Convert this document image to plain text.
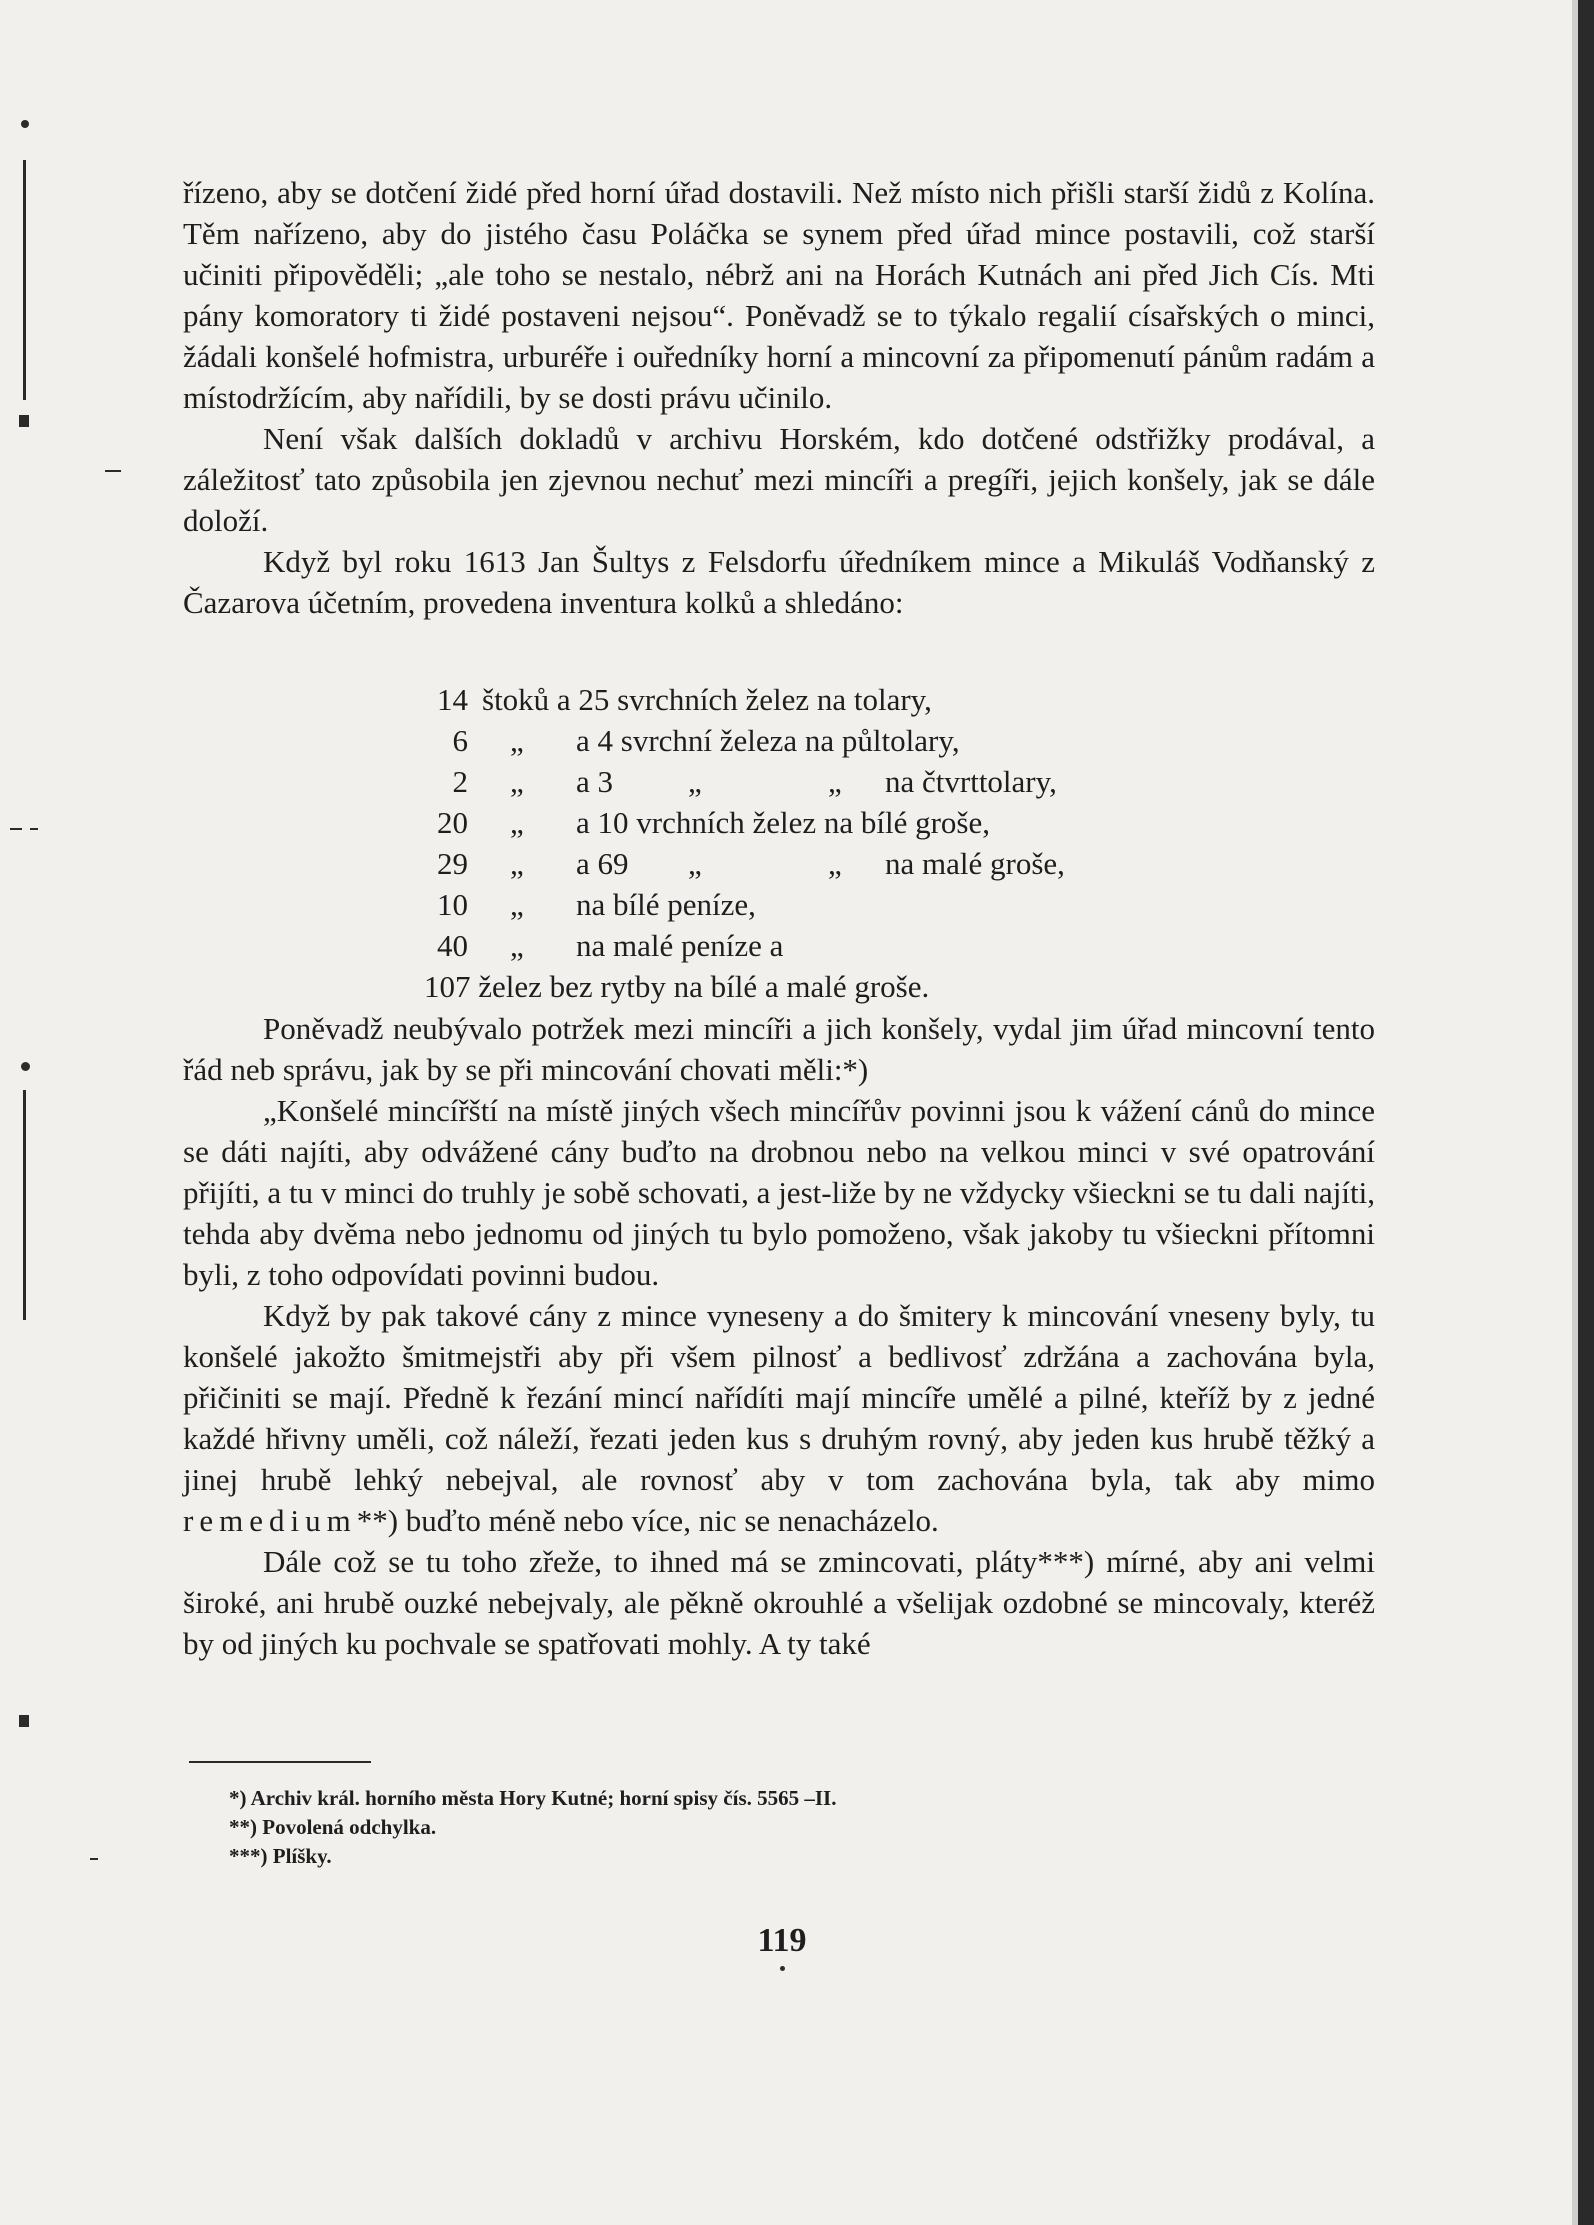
řízeno, aby se dotčení židé před horní úřad dostavili. Než místo nich přišli starší židů z Kolína. Těm nařízeno, aby do jistého času Poláčka se synem před úřad mince postavili, což starší učiniti připověděli; „ale toho se nestalo, nébrž ani na Horách Kutnách ani před Jich Cís. Mti pány komoratory ti židé postaveni nejsou“. Poněvadž se to týkalo regalií císařských o minci, žádali konšelé hofmistra, urburéře i ouředníky horní a mincovní za připomenutí pánům radám a místodržícím, aby nařídili, by se dosti právu učinilo.

Není však dalších dokladů v archivu Horském, kdo dotčené odstřižky prodával, a záležitosť tato způsobila jen zjevnou nechuť mezi mincíři a pregíři, jejich konšely, jak se dále doloží.

Když byl roku 1613 Jan Šultys z Felsdorfu úředníkem mince a Mikuláš Vodňanský z Čazarova účetním, provedena inventura kolků a shledáno:

14 štoků a 25 svrchních želez na tolary,
6 „ a 4 svrchní železa na půltolary,
2 „ a 3 „	„ na čtvrttolary,
20 „ a 10 vrchních želez na bílé groše,
29 „ a 69 „	„ na malé groše,
10 „ na bílé peníze,
40 „ na malé peníze a
107 želez bez rytby na bílé a malé groše.

Poněvadž neubývalo potržek mezi mincíři a jich konšely, vydal jim úřad mincovní tento řád neb správu, jak by se při mincování chovati měli:*)

„Konšelé mincířští na místě jiných všech mincířův povinni jsou k vážení cánů do mince se dáti najíti, aby odvážené cány buďto na drobnou nebo na velkou minci v své opatrování přijíti, a tu v minci do truhly je sobě schovati, a jest-liže by ne vždycky všiecknі se tu dali najíti, tehda aby dvěma nebo jednomu od jiných tu bylo pomoženo, však jakoby tu všiecknі přítomni byli, z toho odpovídati povinni budou.

Když by pak takové cány z mince vyneseny a do šmitery k mincování vneseny byly, tu konšelé jakožto šmitmejstři aby při všem pilnosť a bedlivosť zdržána a zachována byla, přičiniti se mají. Předně k řezání mincí nařídíti mají mincíře umělé a pilné, kteříž by z jedné každé hřivny uměli, což náleží, řezati jeden kus s druhým rovný, aby jeden kus hrubě těžký a jinej hrubě lehký nebejval, ale rovnosť aby v tom zachována byla, tak aby mimo remedium**) buďto méně nebo více, nic se nenacházelo.

Dále což se tu toho zřeže, to ihned má se zmincovati, pláty***) mírné, aby ani velmi široké, ani hrubě ouzké nebejvaly, ale pěkně okrouhlé a všelijak ozdobné se mincovaly, kteréž by od jiných ku pochvale se spatřovati mohly. A ty také

*) Archiv král. horního města Hory Kutné; horní spisy čís. 5565 –II.
**) Povolená odchylka.
***) Plíšky.
119
